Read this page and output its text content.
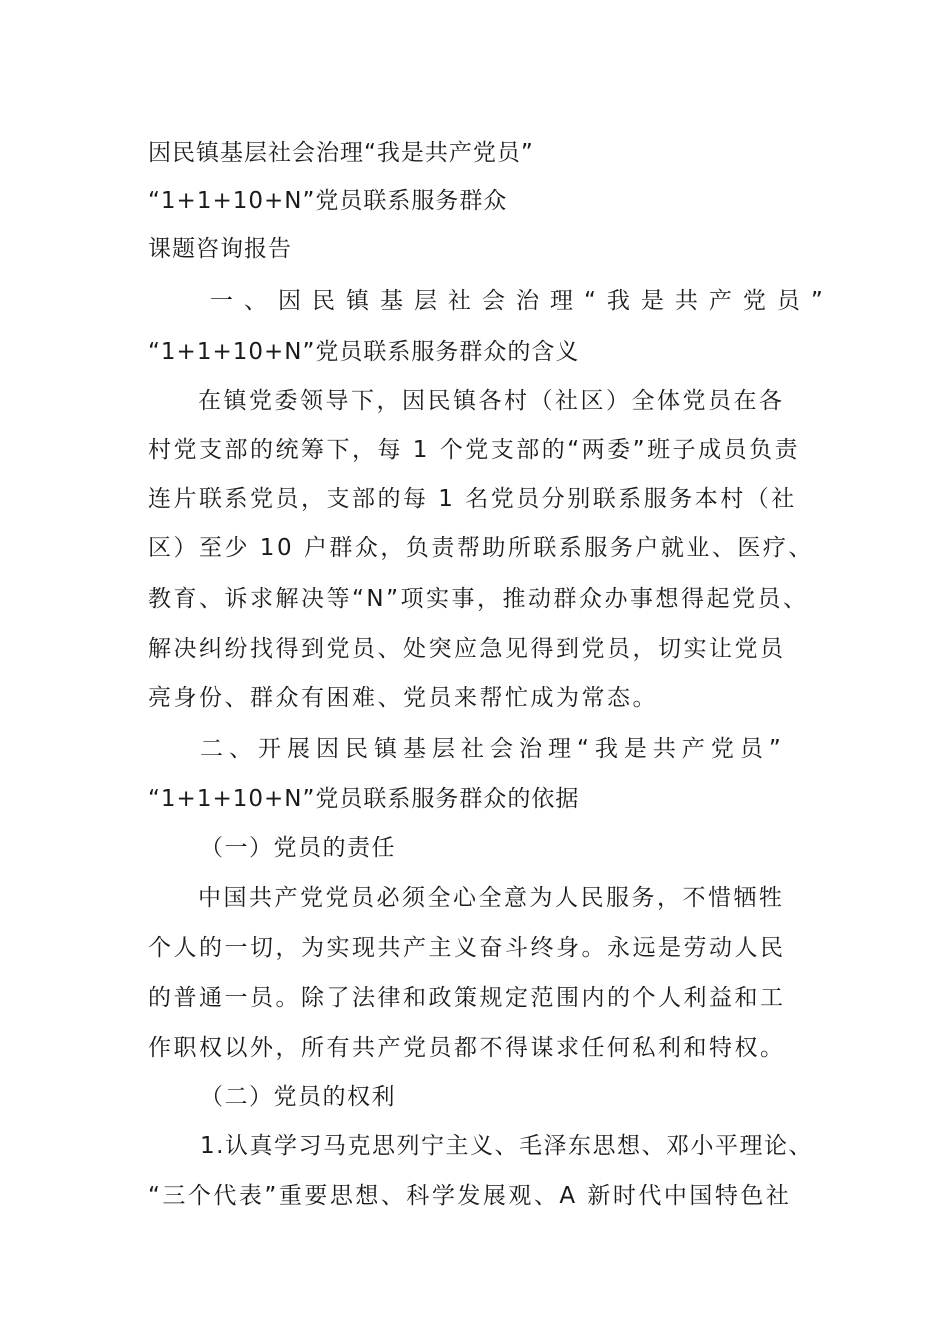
因民镇基层社会治理“我是共产党员”
“1+1+10+N”党员联系服务群众
课题咨询报告
一、因民镇基层社会治理“我是共产党员”
“1+1+10+N”党员联系服务群众的含义
在镇党委领导下，因民镇各村（社区）全体党员在各
村党支部的统筹下，每 1 个党支部的“两委”班子成员负责
连片联系党员，支部的每 1 名党员分别联系服务本村（社
区）至少 10 户群众，负责帮助所联系服务户就业、医疗、
教育、诉求解决等“N”项实事，推动群众办事想得起党员、
解决纠纷找得到党员、处突应急见得到党员，切实让党员
亮身份、群众有困难、党员来帮忙成为常态。
二、开展因民镇基层社会治理“我是共产党员”
“1+1+10+N”党员联系服务群众的依据
（一）党员的责任
中国共产党党员必须全心全意为人民服务，不惜牺牲
个人的一切，为实现共产主义奋斗终身。永远是劳动人民
的普通一员。除了法律和政策规定范围内的个人利益和工
作职权以外，所有共产党员都不得谋求任何私利和特权。
（二）党员的权利
1.认真学习马克思列宁主义、毛泽东思想、邓小平理论、
“三个代表”重要思想、科学发展观、A 新时代中国特色社
